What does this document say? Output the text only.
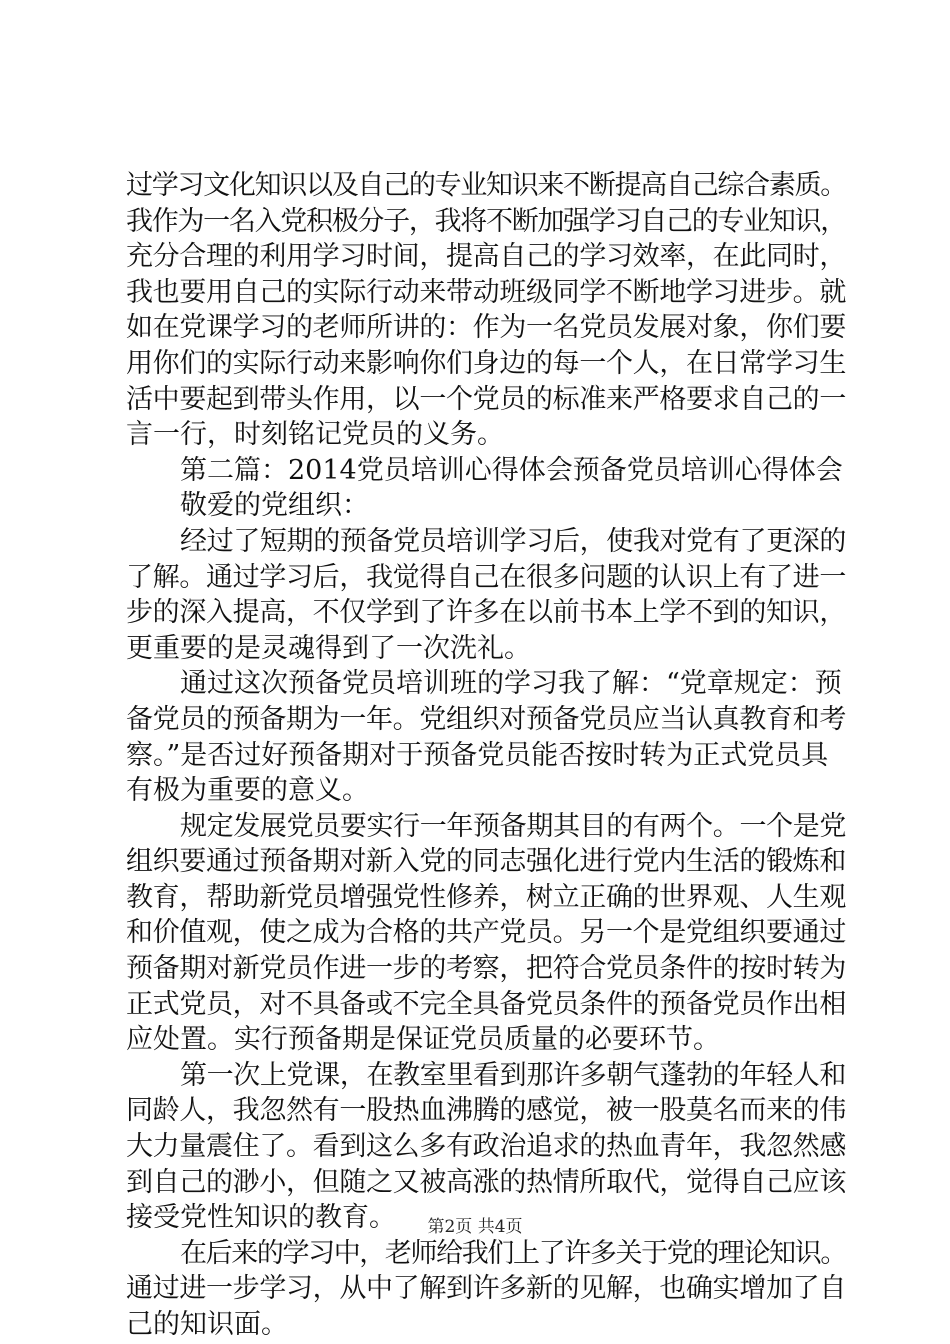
过学习文化知识以及自己的专业知识来不断提高自己综合素质。
我作为一名入党积极分子，我将不断加强学习自己的专业知识，
充分合理的利用学习时间，提高自己的学习效率，在此同时，
我也要用自己的实际行动来带动班级同学不断地学习进步。就
如在党课学习的老师所讲的：作为一名党员发展对象，你们要
用你们的实际行动来影响你们身边的每一个人，在日常学习生
活中要起到带头作用，以一个党员的标准来严格要求自己的一
言一行，时刻铭记党员的义务。
第二篇：2014党员培训心得体会预备党员培训心得体会
敬爱的党组织：
经过了短期的预备党员培训学习后，使我对党有了更深的
了解。通过学习后，我觉得自己在很多问题的认识上有了进一
步的深入提高，不仅学到了许多在以前书本上学不到的知识，
更重要的是灵魂得到了一次洗礼。
通过这次预备党员培训班的学习我了解：“党章规定：预
备党员的预备期为一年。党组织对预备党员应当认真教育和考
察。”是否过好预备期对于预备党员能否按时转为正式党员具
有极为重要的意义。
规定发展党员要实行一年预备期其目的有两个。一个是党
组织要通过预备期对新入党的同志强化进行党内生活的锻炼和
教育，帮助新党员增强党性修养，树立正确的世界观、人生观
和价值观，使之成为合格的共产党员。另一个是党组织要通过
预备期对新党员作进一步的考察，把符合党员条件的按时转为
正式党员，对不具备或不完全具备党员条件的预备党员作出相
应处置。实行预备期是保证党员质量的必要环节。
第一次上党课，在教室里看到那许多朝气蓬勃的年轻人和
同龄人，我忽然有一股热血沸腾的感觉，被一股莫名而来的伟
大力量震住了。看到这么多有政治追求的热血青年，我忽然感
到自己的渺小，但随之又被高涨的热情所取代，觉得自己应该
接受党性知识的教育。
在后来的学习中，老师给我们上了许多关于党的理论知识。
通过进一步学习，从中了解到许多新的见解，也确实增加了自
己的知识面。
第2页 共4页
